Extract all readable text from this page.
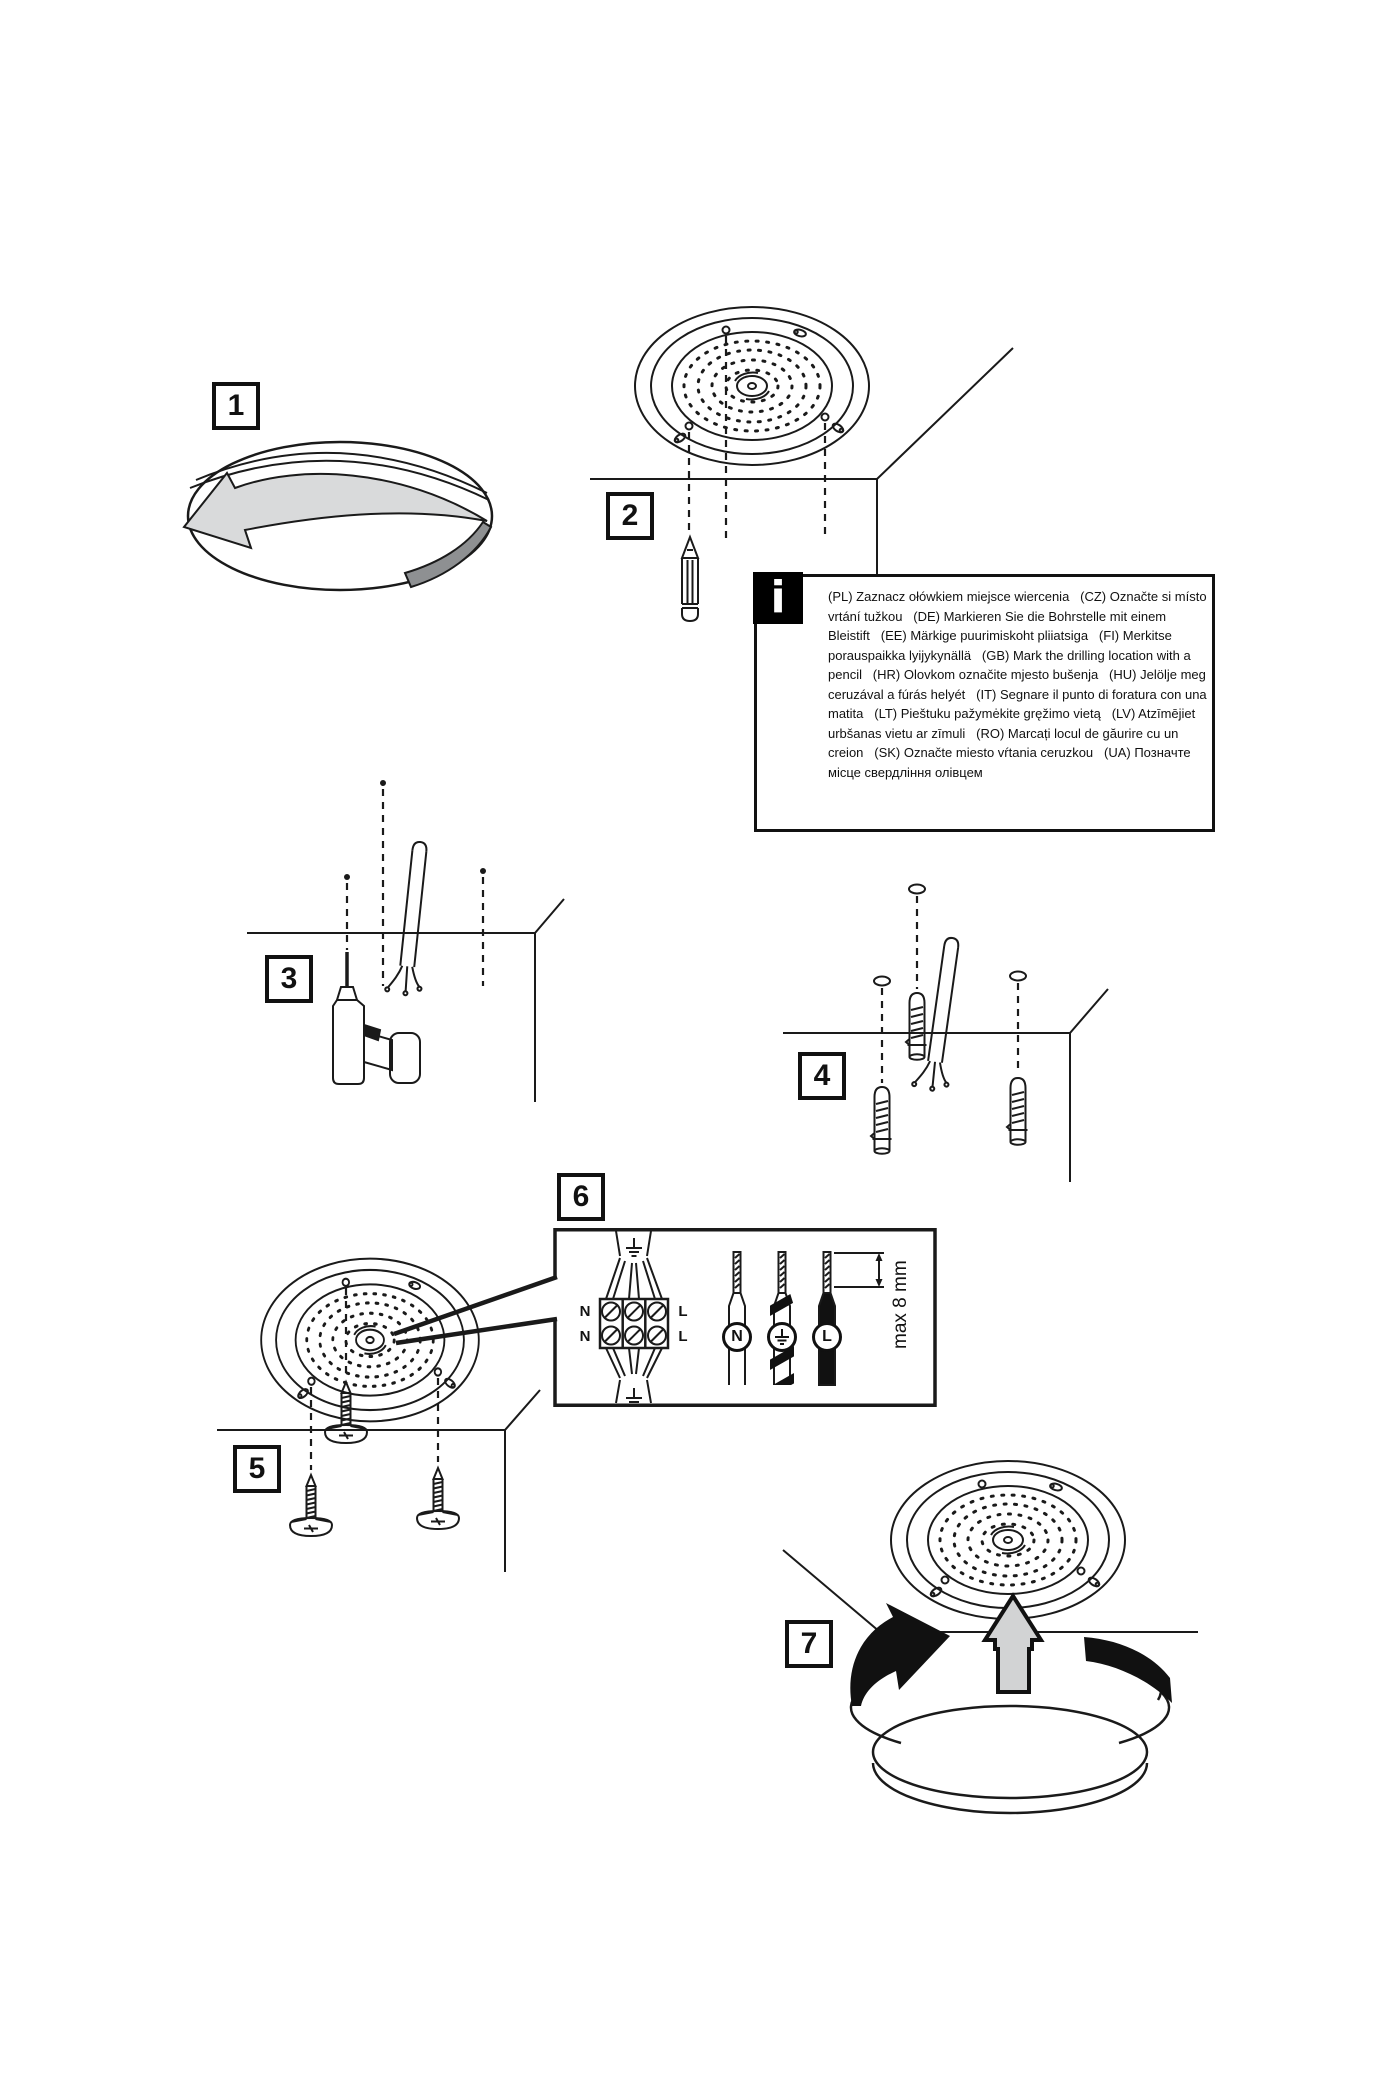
1
2
3
4
5
6
7
i	(PL) Zaznacz ołówkiem miejsce wiercenia   (CZ) Označte si místo vrtání tužkou   (DE) Markieren Sie die Bohrstelle mit einem Bleistift   (EE) Märkige puurimiskoht pliiatsiga   (FI) Merkitse porauspaikka lyijykynällä   (GB) Mark the drilling location with a pencil   (HR) Olovkom označite mjesto bušenja   (HU) Jelölje meg ceruzával a fúrás helyét   (IT) Segnare il punto di foratura con una matita   (LT) Pieštuku pažymėkite gręžimo vietą   (LV) Atzīmējiet urbšanas vietu ar zīmuli   (RO) Marcați locul de găurire cu un creion   (SK) Označte miesto vŕtania ceruzkou   (UA) Позначте місце свердління олівцем
N
N
L
L	N	L	max 8 mm
